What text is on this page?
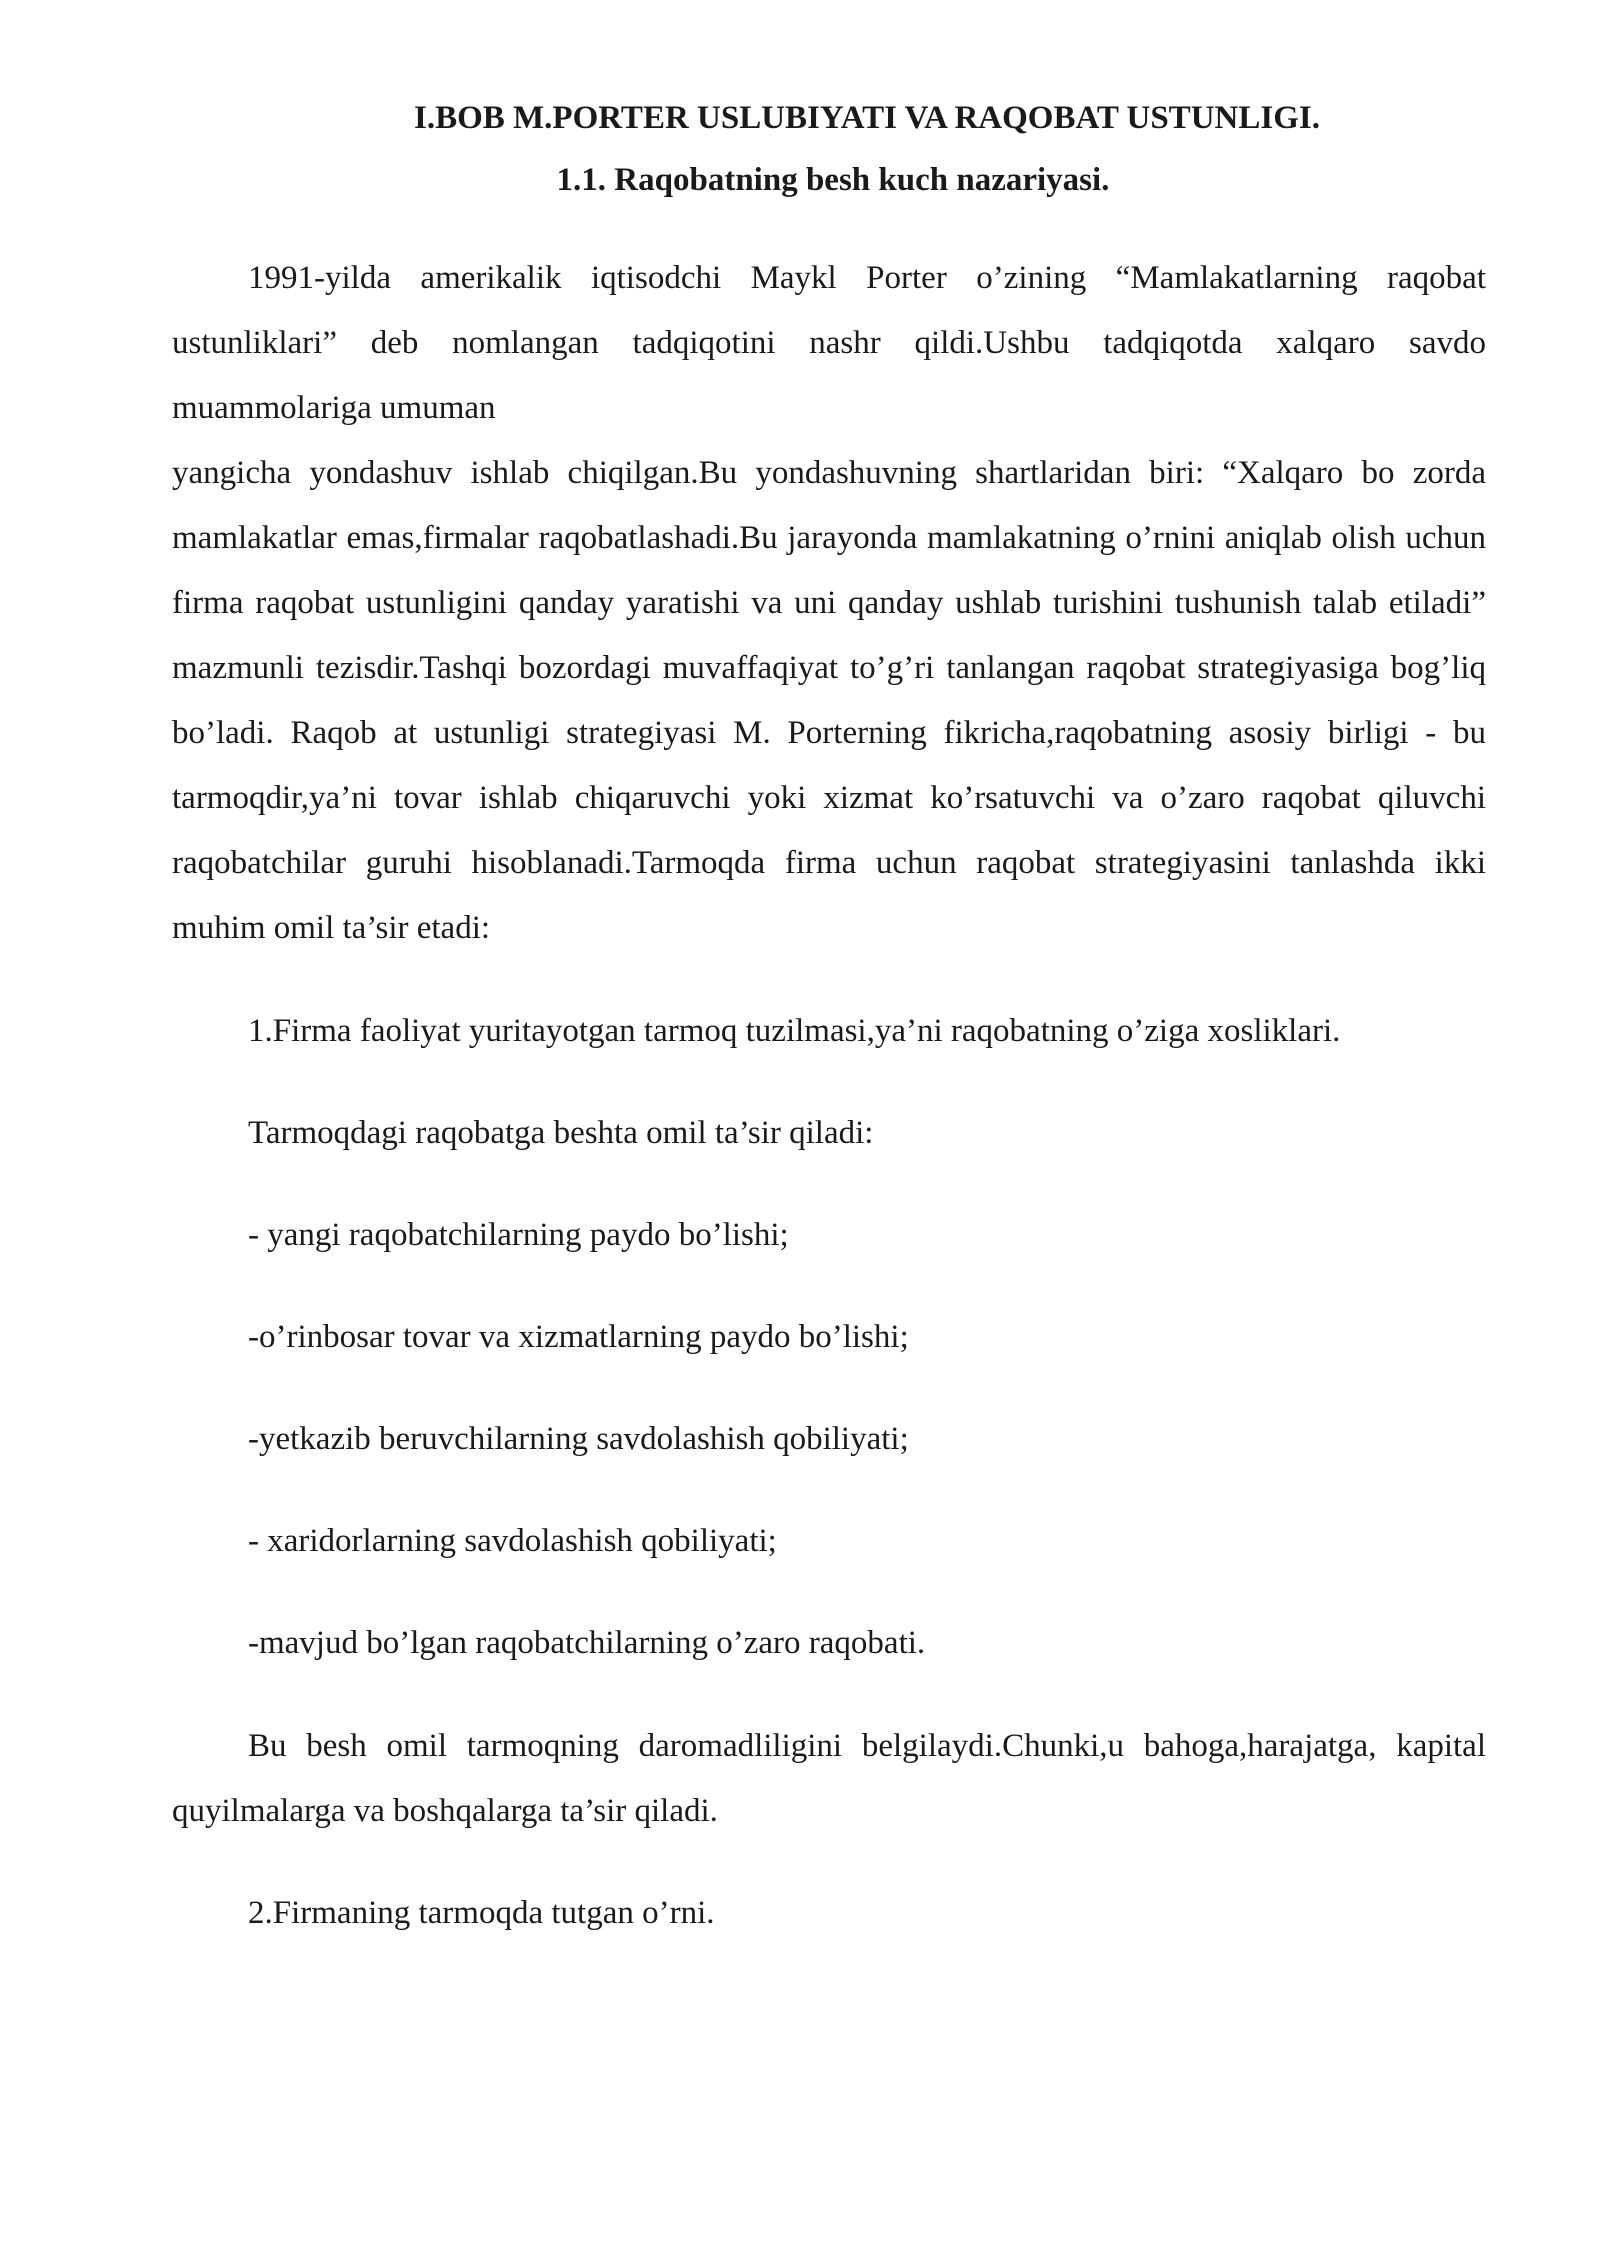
I.BOB M.PORTER USLUBIYATI VA RAQOBAT USTUNLIGI.
1.1. Raqobatning besh kuch nazariyasi.

1991-yilda amerikalik iqtisodchi Maykl Porter o’zining “Mamlakatlarning raqobat ustunliklari” deb nomlangan tadqiqotini nashr qildi.Ushbu tadqiqotda xalqaro savdo muammolariga umuman

yangicha yondashuv ishlab chiqilgan.Bu yondashuvning shartlaridan biri: “Xalqaro bo zorda mamlakatlar emas,firmalar raqobatlashadi.Bu jarayonda mamlakatning o’rnini aniqlab olish uchun firma raqobat ustunligini qanday yaratishi va uni qanday ushlab turishini tushunish talab etiladi” mazmunli tezisdir.Tashqi bozordagi muvaffaqiyat to’g’ri tanlangan raqobat strategiyasiga bog’liq bo’ladi. Raqob at ustunligi strategiyasi M. Porterning fikricha,raqobatning asosiy birligi - bu tarmoqdir,ya’ni tovar ishlab chiqaruvchi yoki xizmat ko’rsatuvchi va o’zaro raqobat qiluvchi raqobatchilar guruhi hisoblanadi.Tarmoqda firma uchun raqobat strategiyasini tanlashda ikki muhim omil ta’sir etadi:

1.Firma faoliyat yuritayotgan tarmoq tuzilmasi,ya’ni raqobatning o’ziga xosliklari.

Tarmoqdagi raqobatga beshta omil ta’sir qiladi:

- yangi raqobatchilarning paydo bo’lishi;

-o’rinbosar tovar va xizmatlarning paydo bo’lishi;

-yetkazib beruvchilarning savdolashish qobiliyati;

- xaridorlarning savdolashish qobiliyati;

-mavjud bo’lgan raqobatchilarning o’zaro raqobati.

Bu besh omil tarmoqning daromadliligini belgilaydi.Chunki,u bahoga,harajatga, kapital quyilmalarga va boshqalarga ta’sir qiladi.

2.Firmaning tarmoqda tutgan o’rni.
